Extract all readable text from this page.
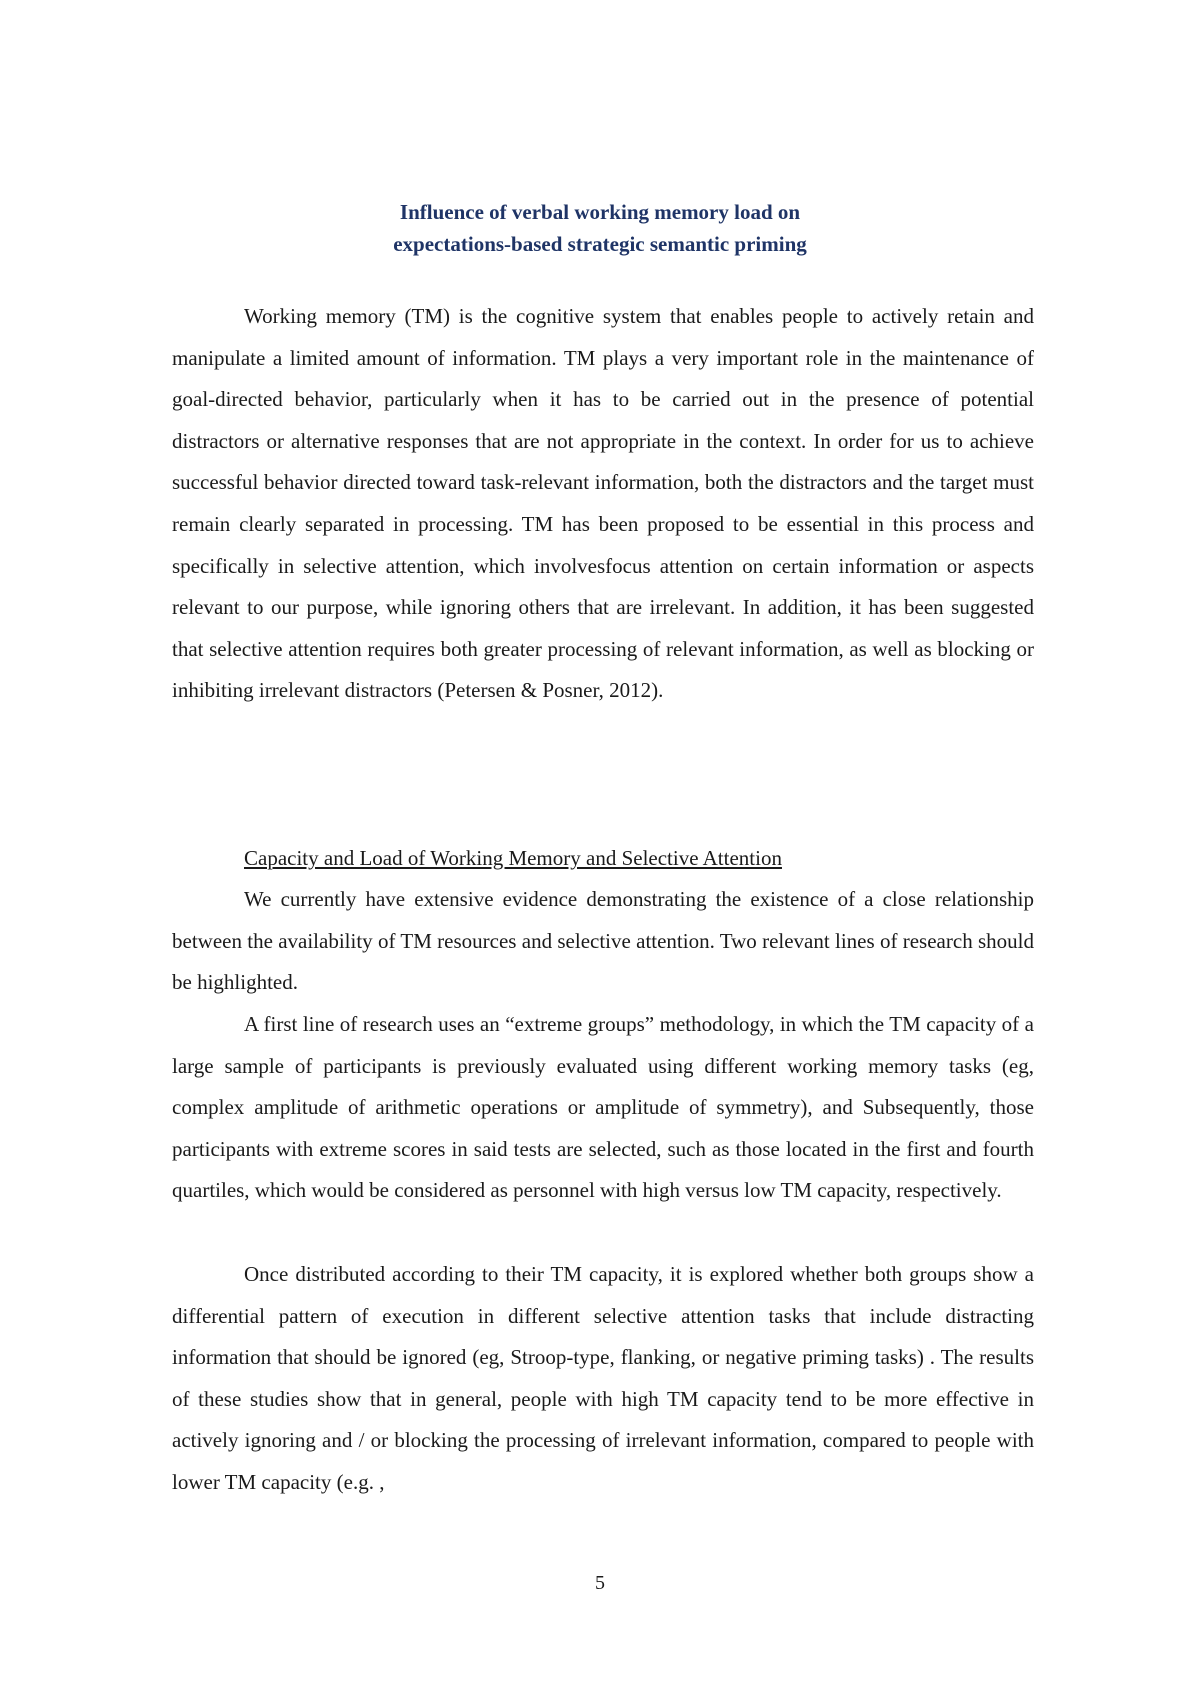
Influence of verbal working memory load on
expectations-based strategic semantic priming

Working memory (TM) is the cognitive system that enables people to actively retain and manipulate a limited amount of information. TM plays a very important role in the maintenance of goal-directed behavior, particularly when it has to be carried out in the presence of potential distractors or alternative responses that are not appropriate in the context. In order for us to achieve successful behavior directed toward task-relevant information, both the distractors and the target must remain clearly separated in processing. TM has been proposed to be essential in this process and specifically in selective attention, which involvesfocus attention on certain information or aspects relevant to our purpose, while ignoring others that are irrelevant. In addition, it has been suggested that selective attention requires both greater processing of relevant information, as well as blocking or inhibiting irrelevant distractors (Petersen & Posner, 2012).

Capacity and Load of Working Memory and Selective Attention

We currently have extensive evidence demonstrating the existence of a close relationship between the availability of TM resources and selective attention. Two relevant lines of research should be highlighted.

A first line of research uses an “extreme groups” methodology, in which the TM capacity of a large sample of participants is previously evaluated using different working memory tasks (eg, complex amplitude of arithmetic operations or amplitude of symmetry), and Subsequently, those participants with extreme scores in said tests are selected, such as those located in the first and fourth quartiles, which would be considered as personnel with high versus low TM capacity, respectively.

Once distributed according to their TM capacity, it is explored whether both groups show a differential pattern of execution in different selective attention tasks that include distracting information that should be ignored (eg, Stroop-type, flanking, or negative priming tasks) . The results of these studies show that in general, people with high TM capacity tend to be more effective in actively ignoring and / or blocking the processing of irrelevant information, compared to people with lower TM capacity (e.g. ,

5
